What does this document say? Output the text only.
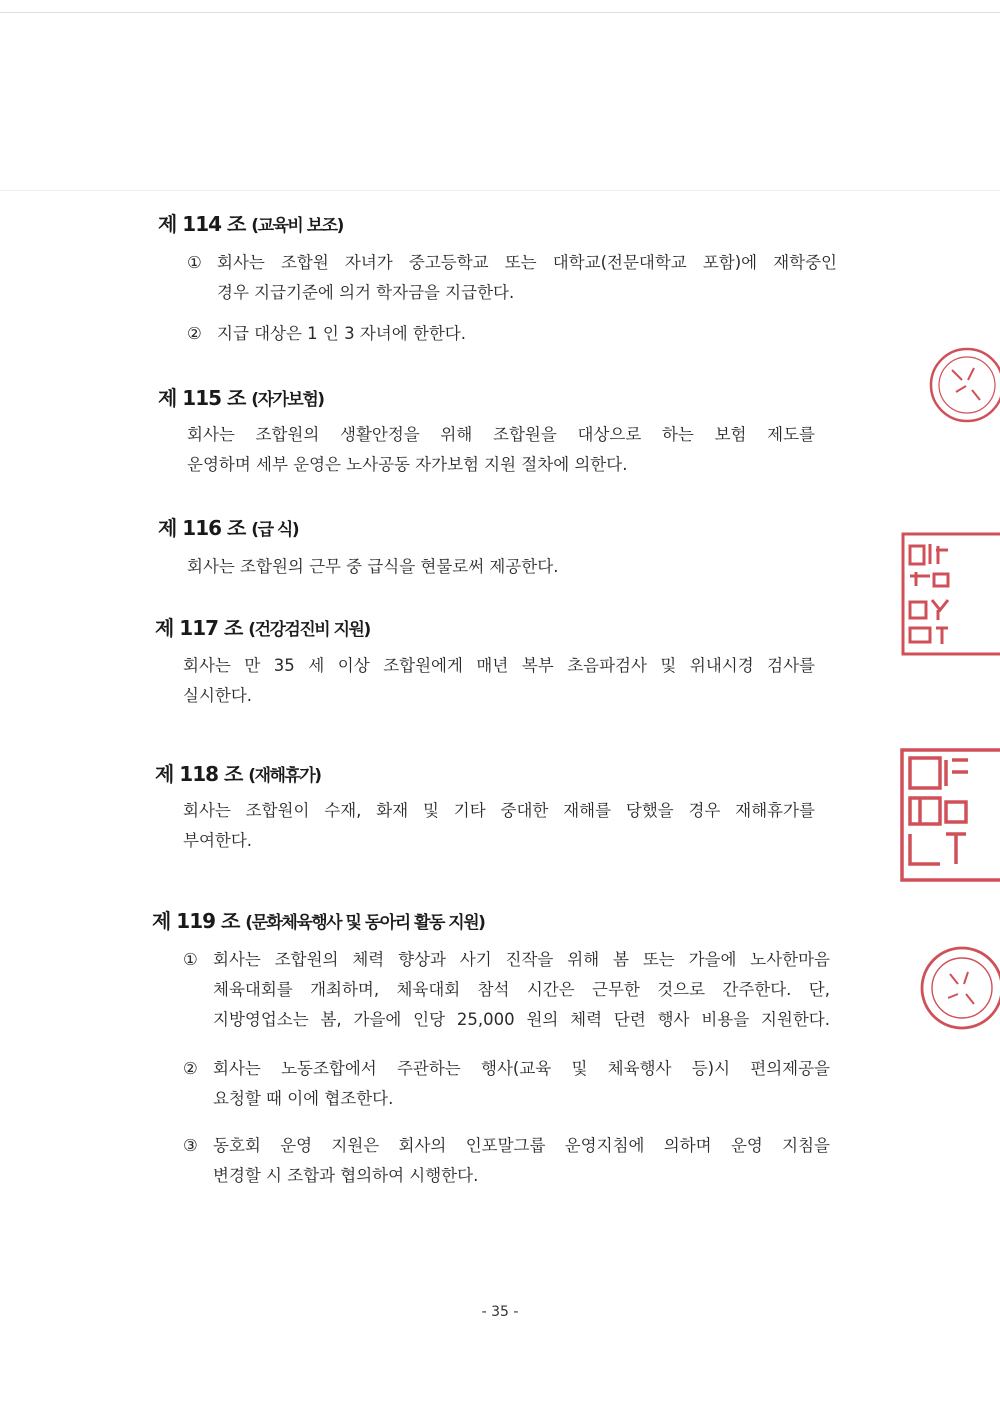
제 114 조 (교육비 보조)
① 회사는 조합원 자녀가 중고등학교 또는 대학교(전문대학교 포함)에 재학중인
경우 지급기준에 의거 학자금을 지급한다.
② 지급 대상은 1 인 3 자녀에 한한다.
제 115 조 (자가보험)
회사는 조합원의 생활안정을 위해 조합원을 대상으로 하는 보험 제도를
운영하며 세부 운영은 노사공동 자가보험 지원 절차에 의한다.
제 116 조 (급 식)
회사는 조합원의 근무 중 급식을 현물로써 제공한다.
제 117 조 (건강검진비 지원)
회사는 만 35 세 이상 조합원에게 매년 복부 초음파검사 및 위내시경 검사를
실시한다.
제 118 조 (재해휴가)
회사는 조합원이 수재, 화재 및 기타 중대한 재해를 당했을 경우 재해휴가를
부여한다.
제 119 조 (문화체육행사 및 동아리 활동 지원)
① 회사는 조합원의 체력 향상과 사기 진작을 위해 봄 또는 가을에 노사한마음
체육대회를 개최하며, 체육대회 참석 시간은 근무한 것으로 간주한다. 단,
지방영업소는 봄, 가을에 인당 25,000 원의 체력 단련 행사 비용을 지원한다.
② 회사는 노동조합에서 주관하는 행사(교육 및 체육행사 등)시 편의제공을
요청할 때 이에 협조한다.
③ 동호회 운영 지원은 회사의 인포말그룹 운영지침에 의하며 운영 지침을
변경할 시 조합과 협의하여 시행한다.
- 35 -
